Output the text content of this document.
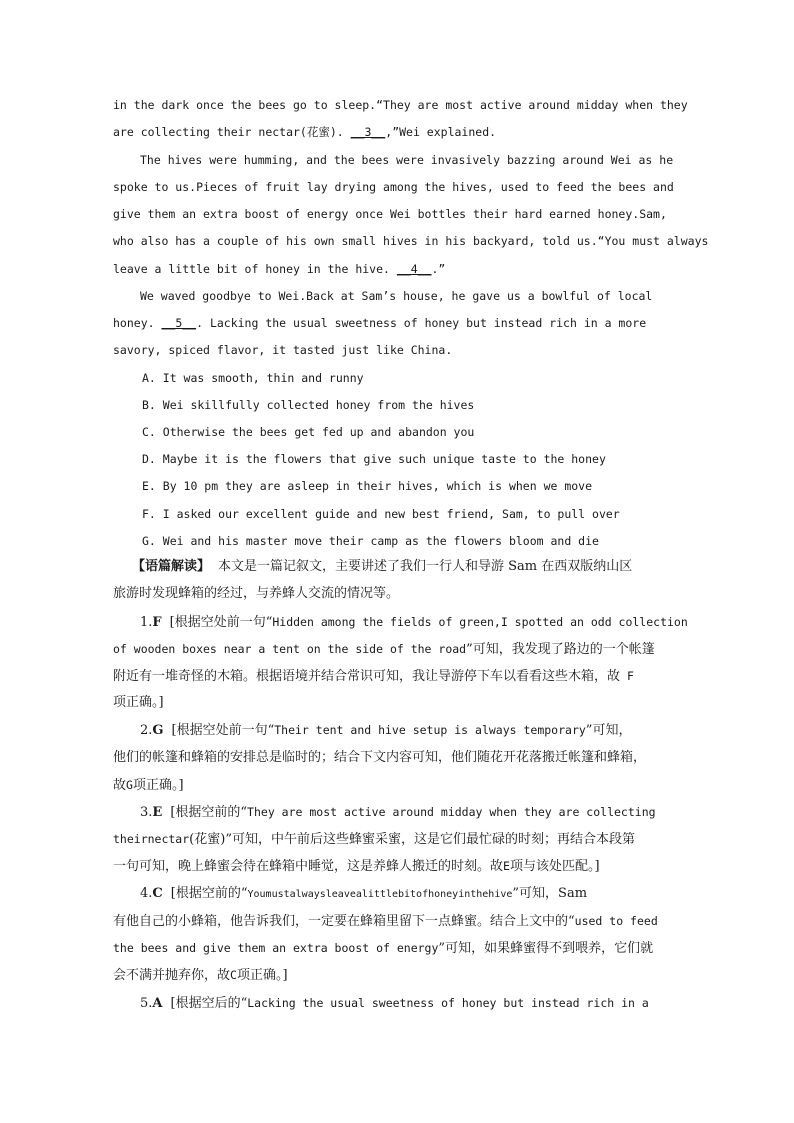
in the dark once the bees go to sleep.“They are most active around midday when they
are collecting their nectar(花蜜). __3__,”Wei explained.
The hives were humming, and the bees were invasively bazzing around Wei as he
spoke to us.Pieces of fruit lay drying among the hives, used to feed the bees and
give them an extra boost of energy once Wei bottles their hard earned honey.Sam,
who also has a couple of his own small hives in his backyard, told us.“You must always
leave a little bit of honey in the hive. __4__.”
We waved goodbye to Wei.Back at Sam’s house, he gave us a bowlful of local
honey. __5__. Lacking the usual sweetness of honey but instead rich in a more
savory, spiced flavor, it tasted just like China.
A. It was smooth, thin and runny
B. Wei skillfully collected honey from the hives
C. Otherwise the bees get fed up and abandon you
D. Maybe it is the flowers that give such unique taste to the honey
E. By 10 pm they are asleep in their hives, which is when we move
F. I asked our excellent guide and new best friend, Sam, to pull over
G. Wei and his master move their camp as the flowers bloom and die
【语篇解读】 本文是一篇记叙文，主要讲述了我们一行人和导游 Sam 在西双版纳山区
旅游时发现蜂箱的经过，与养蜂人交流的情况等。
1.F [根据空处前一句“Hidden among the fields of green,I spotted an odd collection
of wooden boxes near a tent on the side of the road”可知，我发现了路边的一个帐篷
附近有一堆奇怪的木箱。根据语境并结合常识可知，我让导游停下车以看看这些木箱，故 F
项正确。]
2.G [根据空处前一句“Their tent and hive setup is always temporary”可知，
他们的帐篷和蜂箱的安排总是临时的；结合下文内容可知，他们随花开花落搬迁帐篷和蜂箱，
故G项正确。]
3.E [根据空前的“They are most active around midday when they are collecting
theirnectar(花蜜)”可知，中午前后这些蜂蜜采蜜，这是它们最忙碌的时刻；再结合本段第
一句可知，晚上蜂蜜会待在蜂箱中睡觉，这是养蜂人搬迁的时刻。故E项与该处匹配。]
4.C [根据空前的“Youmustalwaysleavealittlebitofhoneyinthehive”可知，Sam
有他自己的小蜂箱，他告诉我们，一定要在蜂箱里留下一点蜂蜜。结合上文中的“used to feed
the bees and give them an extra boost of energy”可知，如果蜂蜜得不到喂养，它们就
会不满并抛弃你，故C项正确。]
5.A [根据空后的“Lacking the usual sweetness of honey but instead rich in a
